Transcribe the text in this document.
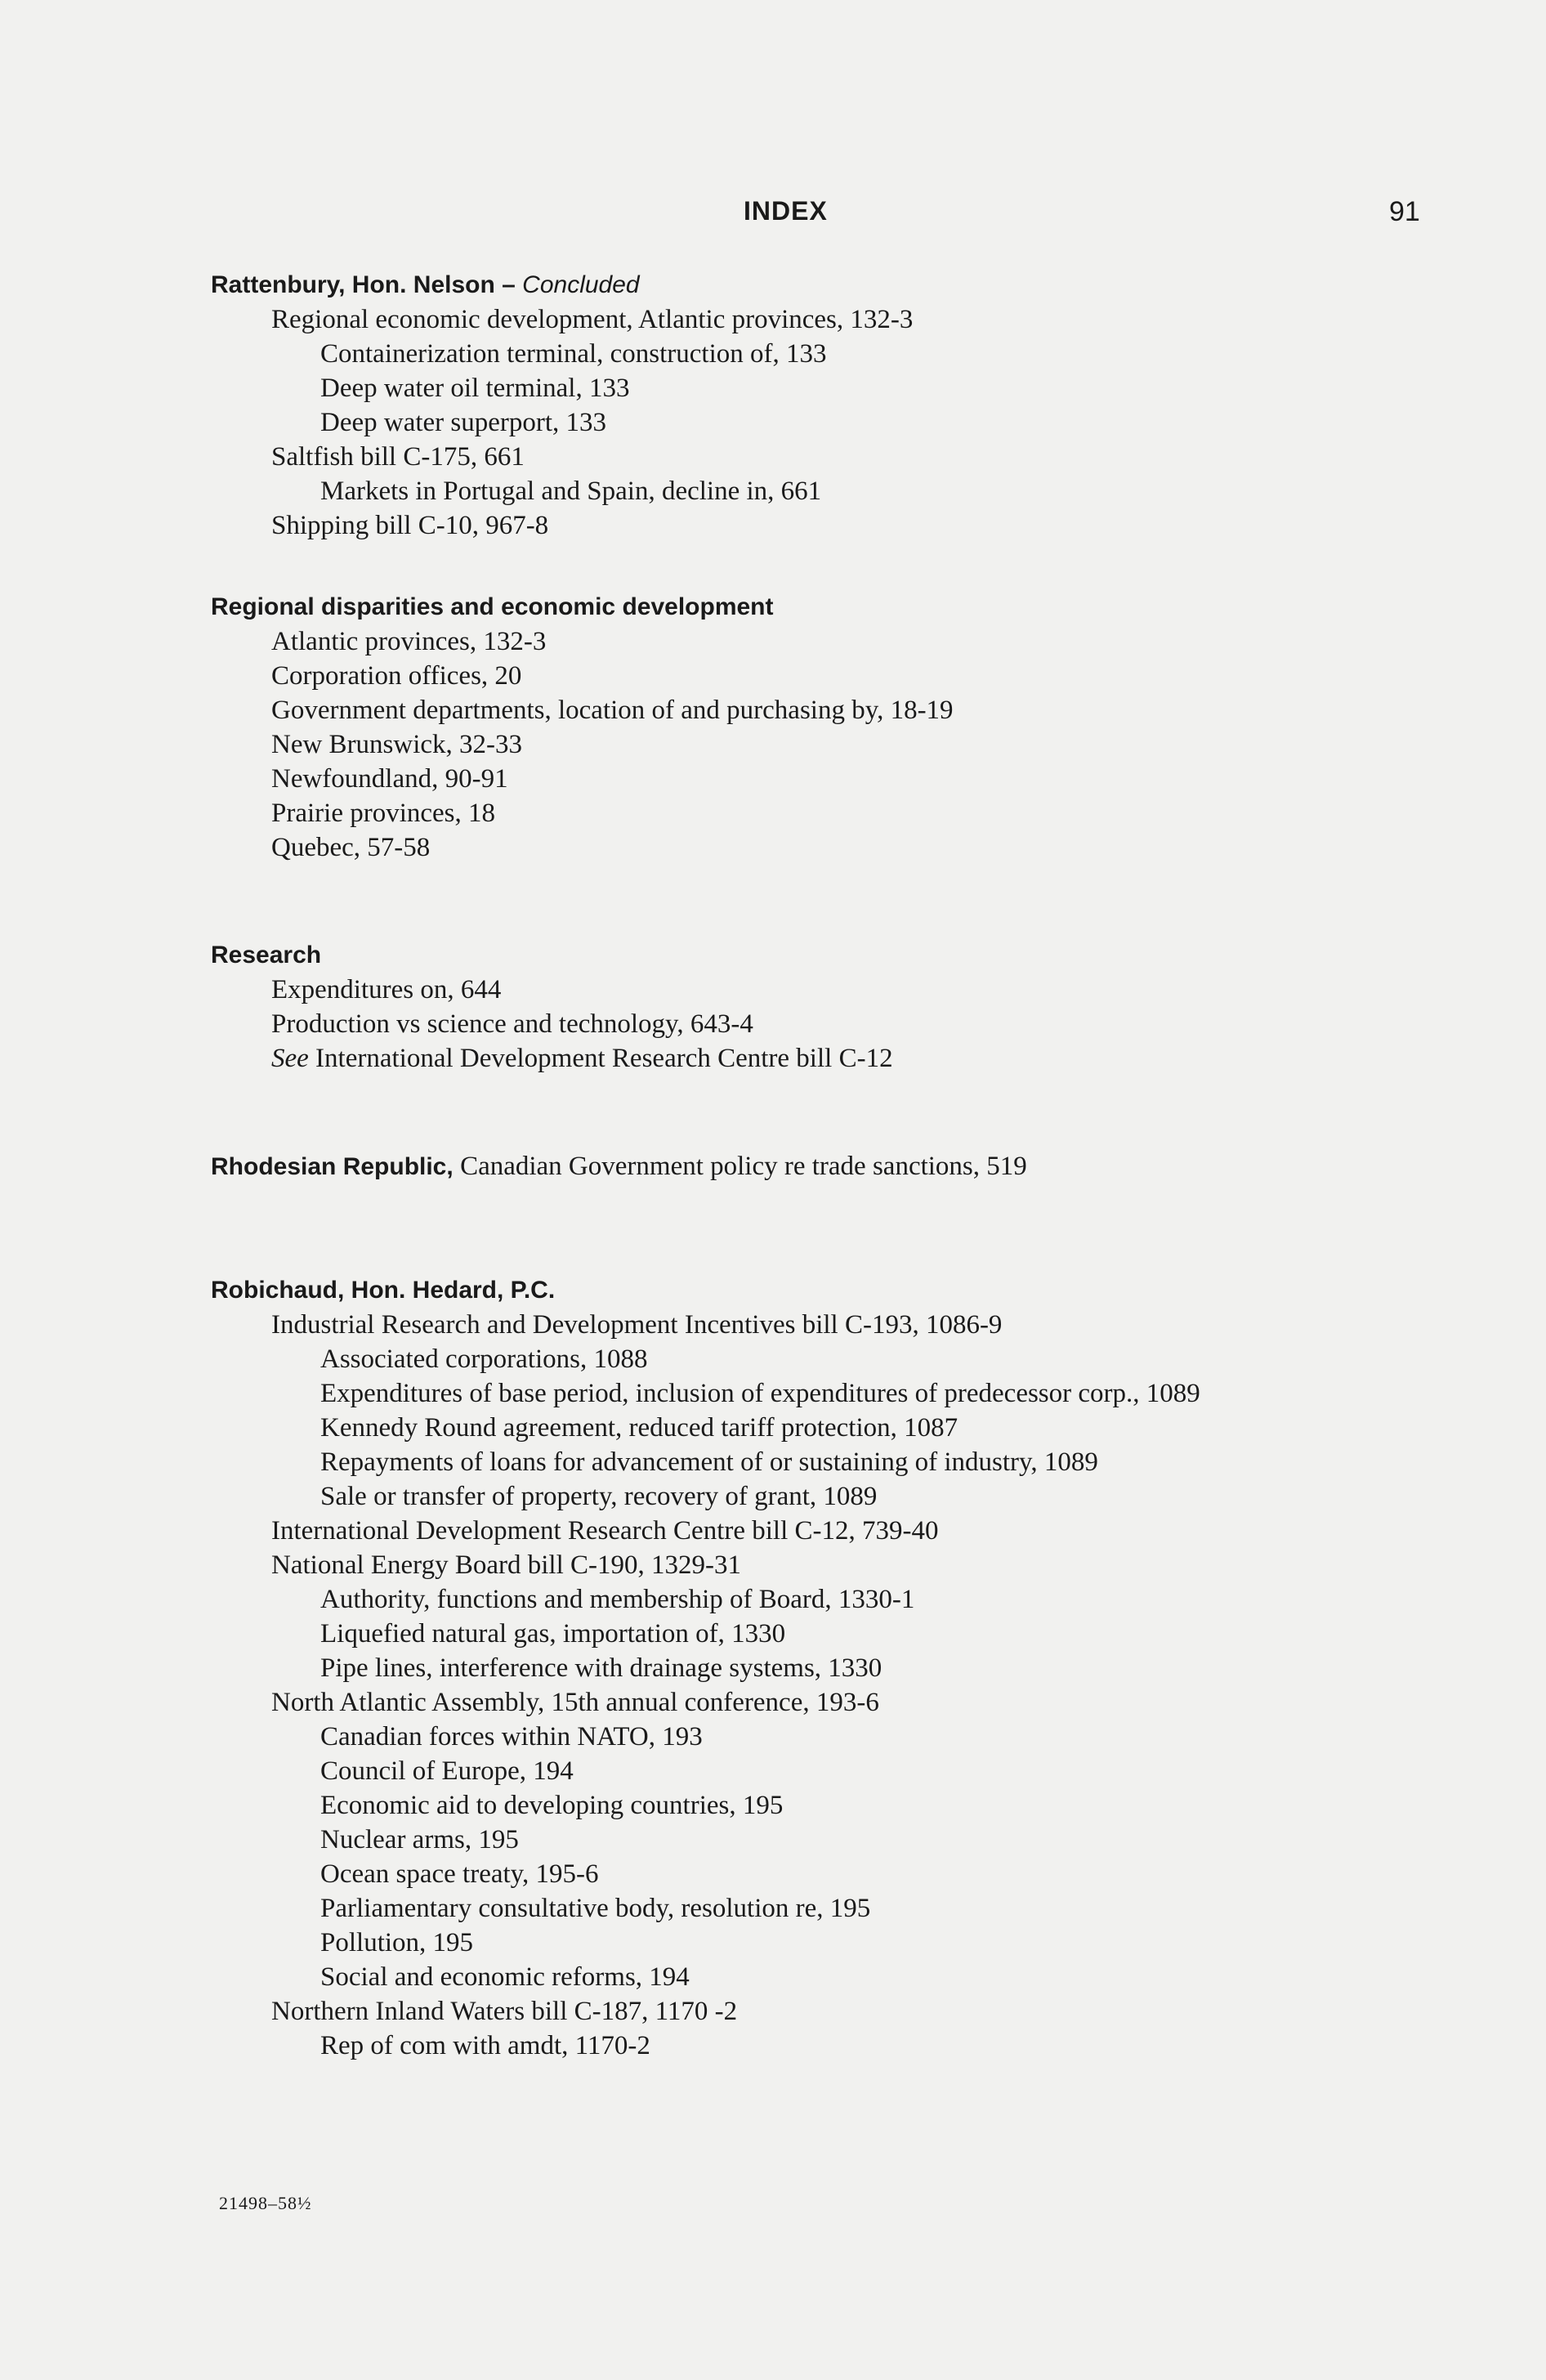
INDEX	91
Rattenbury, Hon. Nelson – Concluded
Regional economic development, Atlantic provinces, 132-3
Containerization terminal, construction of, 133
Deep water oil terminal, 133
Deep water superport, 133
Saltfish bill C-175, 661
Markets in Portugal and Spain, decline in, 661
Shipping bill C-10, 967-8
Regional disparities and economic development
Atlantic provinces, 132-3
Corporation offices, 20
Government departments, location of and purchasing by, 18-19
New Brunswick, 32-33
Newfoundland, 90-91
Prairie provinces, 18
Quebec, 57-58
Research
Expenditures on, 644
Production vs science and technology, 643-4
See International Development Research Centre bill C-12
Rhodesian Republic, Canadian Government policy re trade sanctions, 519
Robichaud, Hon. Hedard, P.C.
Industrial Research and Development Incentives bill C-193, 1086-9
Associated corporations, 1088
Expenditures of base period, inclusion of expenditures of predecessor corp., 1089
Kennedy Round agreement, reduced tariff protection, 1087
Repayments of loans for advancement of or sustaining of industry, 1089
Sale or transfer of property, recovery of grant, 1089
International Development Research Centre bill C-12, 739-40
National Energy Board bill C-190, 1329-31
Authority, functions and membership of Board, 1330-1
Liquefied natural gas, importation of, 1330
Pipe lines, interference with drainage systems, 1330
North Atlantic Assembly, 15th annual conference, 193-6
Canadian forces within NATO, 193
Council of Europe, 194
Economic aid to developing countries, 195
Nuclear arms, 195
Ocean space treaty, 195-6
Parliamentary consultative body, resolution re, 195
Pollution, 195
Social and economic reforms, 194
Northern Inland Waters bill C-187, 1170 -2
Rep of com with amdt, 1170-2
21498–58½
